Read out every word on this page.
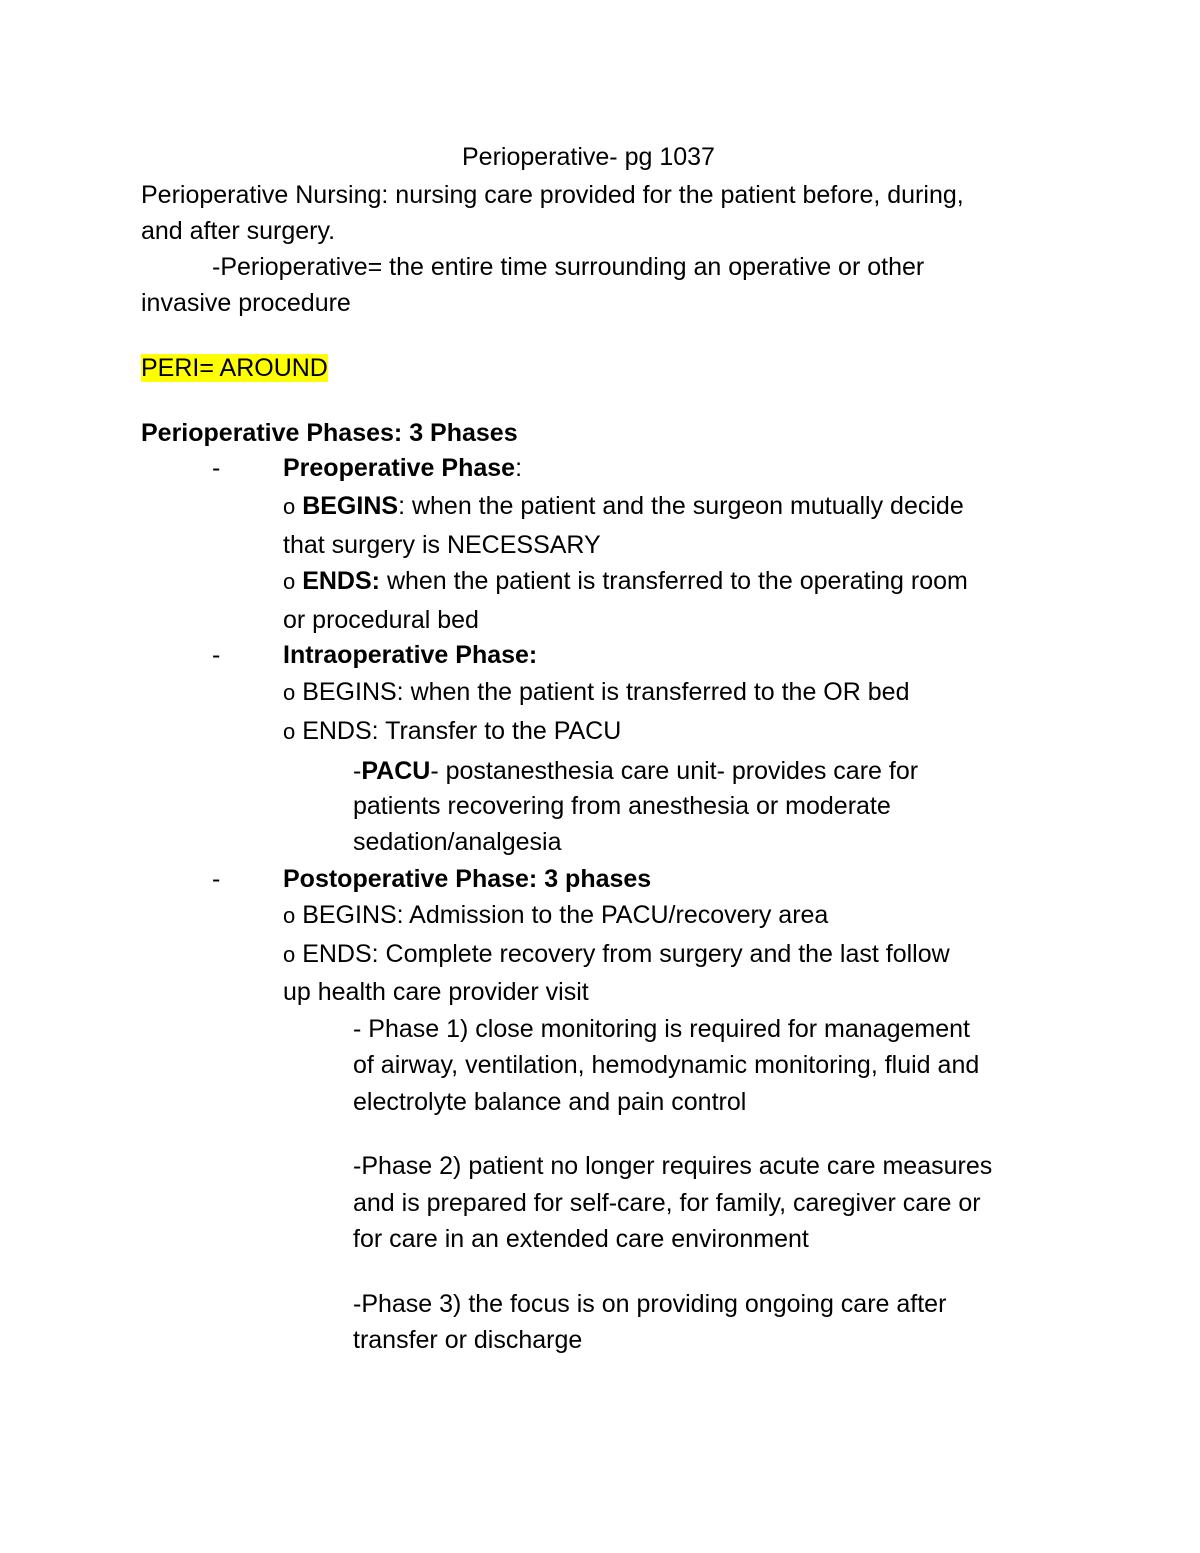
Perioperative- pg 1037
Perioperative Nursing: nursing care provided for the patient before, during,
and after surgery.
-Perioperative= the entire time surrounding an operative or other
invasive procedure
PERI= AROUND
Perioperative Phases: 3 Phases
-	Preoperative Phase:
o BEGINS: when the patient and the surgeon mutually decide
that surgery is NECESSARY
o ENDS: when the patient is transferred to the operating room
or procedural bed
-	Intraoperative Phase:
o BEGINS: when the patient is transferred to the OR bed
o ENDS: Transfer to the PACU
-PACU- postanesthesia care unit- provides care for
patients recovering from anesthesia or moderate
sedation/analgesia
-	Postoperative Phase: 3 phases
o BEGINS: Admission to the PACU/recovery area
o ENDS: Complete recovery from surgery and the last follow
up health care provider visit
- Phase 1) close monitoring is required for management
of airway, ventilation, hemodynamic monitoring, fluid and
electrolyte balance and pain control
-Phase 2) patient no longer requires acute care measures
and is prepared for self-care, for family, caregiver care or
for care in an extended care environment
-Phase 3) the focus is on providing ongoing care after
transfer or discharge
